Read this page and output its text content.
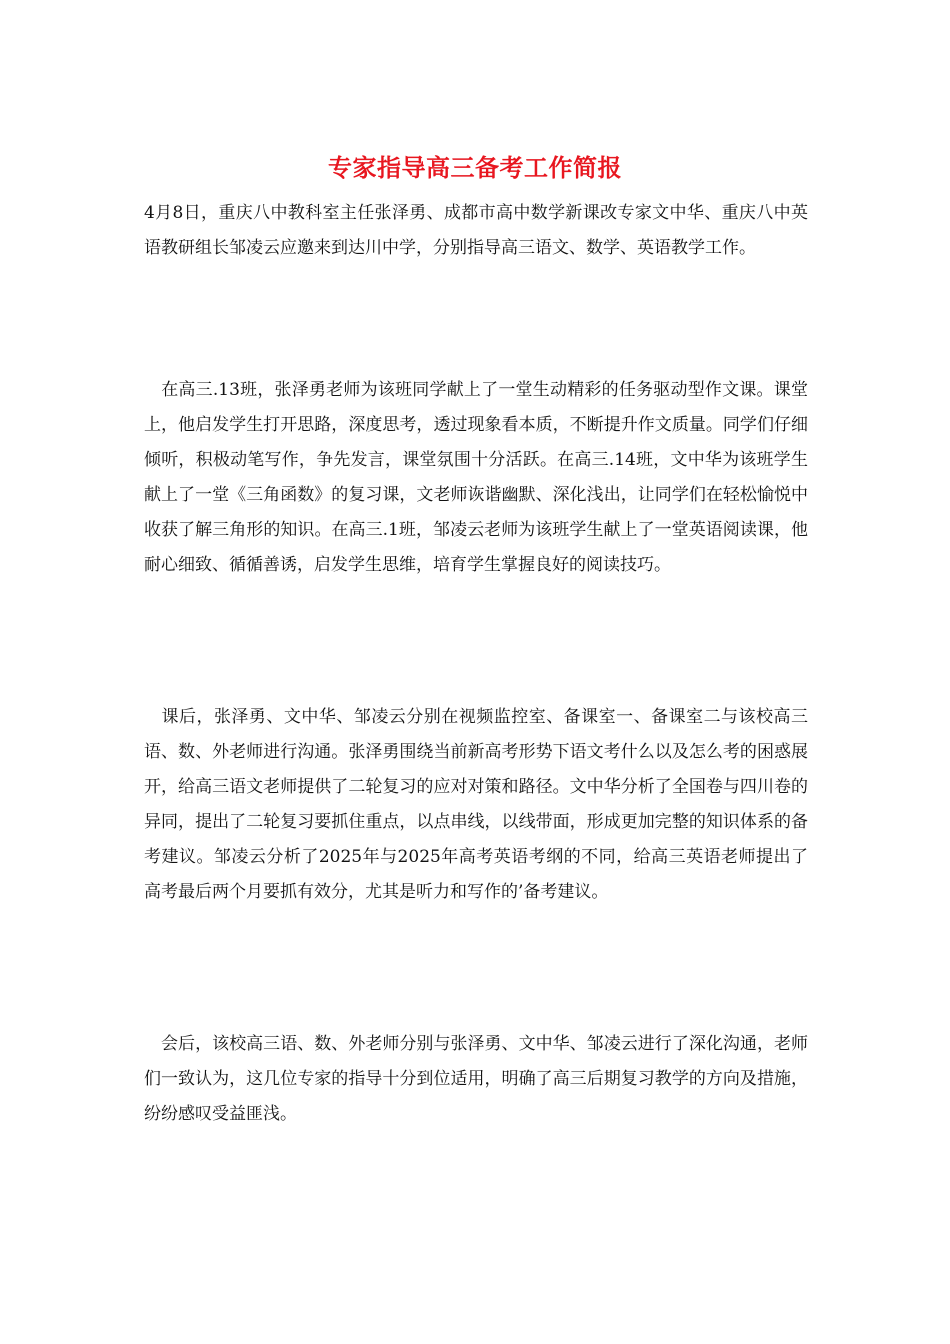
专家指导高三备考工作简报

4月8日，重庆八中教科室主任张泽勇、成都市高中数学新课改专家文中华、重庆八中英语教研组长邹凌云应邀来到达川中学，分别指导高三语文、数学、英语教学工作。

　在高三.13班，张泽勇老师为该班同学献上了一堂生动精彩的任务驱动型作文课。课堂上，他启发学生打开思路，深度思考，透过现象看本质，不断提升作文质量。同学们仔细倾听，积极动笔写作，争先发言，课堂氛围十分活跃。在高三.14班，文中华为该班学生献上了一堂《三角函数》的复习课，文老师诙谐幽默、深化浅出，让同学们在轻松愉悦中收获了解三角形的知识。在高三.1班，邹凌云老师为该班学生献上了一堂英语阅读课，他耐心细致、循循善诱，启发学生思维，培育学生掌握良好的阅读技巧。

　课后，张泽勇、文中华、邹凌云分别在视频监控室、备课室一、备课室二与该校高三语、数、外老师进行沟通。张泽勇围绕当前新高考形势下语文考什么以及怎么考的困惑展开，给高三语文老师提供了二轮复习的应对对策和路径。文中华分析了全国卷与四川卷的异同，提出了二轮复习要抓住重点，以点串线，以线带面，形成更加完整的知识体系的备考建议。邹凌云分析了2025年与2025年高考英语考纲的不同，给高三英语老师提出了高考最后两个月要抓有效分，尤其是听力和写作的’备考建议。

　会后，该校高三语、数、外老师分别与张泽勇、文中华、邹凌云进行了深化沟通，老师们一致认为，这几位专家的指导十分到位适用，明确了高三后期复习教学的方向及措施，纷纷感叹受益匪浅。
